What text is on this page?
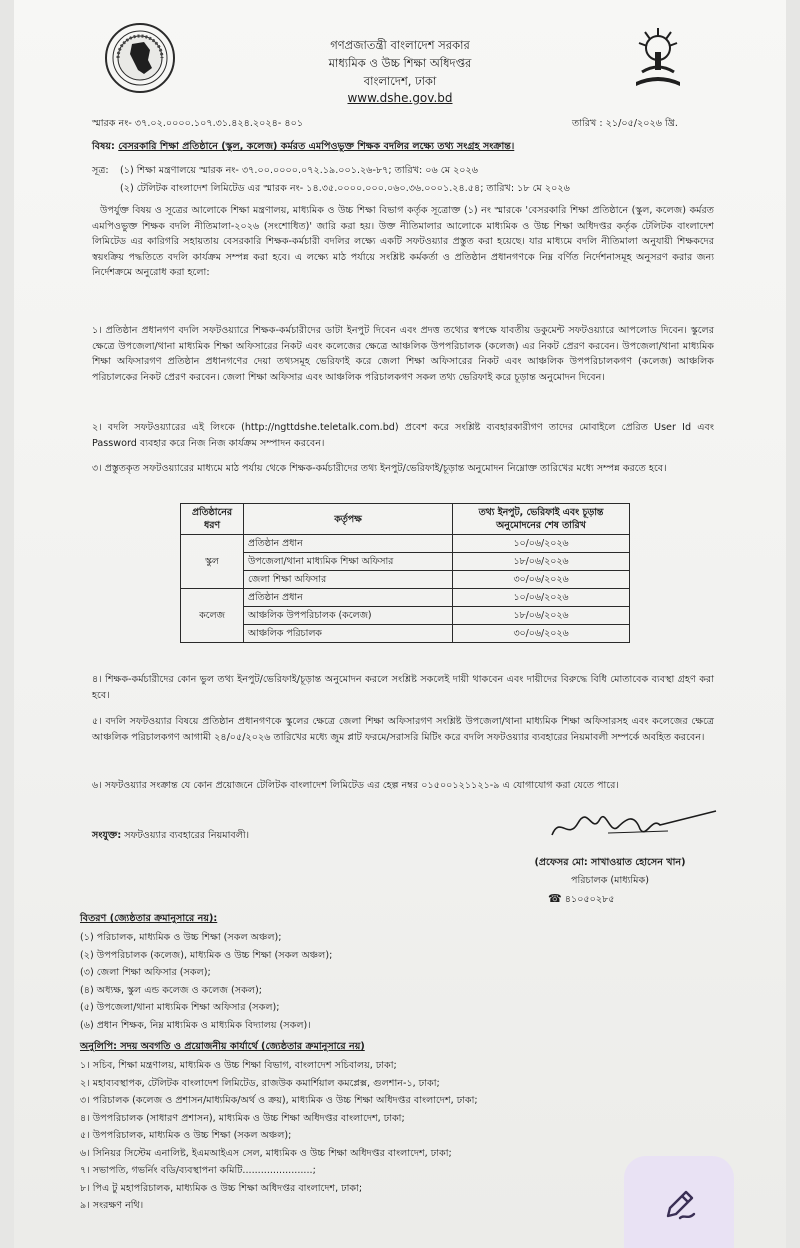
গণপ্রজাতন্ত্রী বাংলাদেশ সরকার
মাধ্যমিক ও উচ্চ শিক্ষা অধিদপ্তর
বাংলাদেশ, ঢাকা
www.dshe.gov.bd
স্মারক নং- ৩৭.০২.০০০০.১০৭.৩১.৪২৪.২০২৪- ৪০১	তারিখ : ২১/০৫/২০২৬ খ্রি.
বিষয়: বেসরকারি শিক্ষা প্রতিষ্ঠানে (স্কুল, কলেজ) কর্মরত এমপিওভুক্ত শিক্ষক বদলির লক্ষ্যে তথ্য সংগ্রহ সংক্রান্ত।
সূত্র: (১) শিক্ষা মন্ত্রণালয়ে স্মারক নং- ৩৭.০০.০০০০.০৭২.১৯.০০১.২৬-৮৭; তারিখ: ০৬ মে ২০২৬
(২) টেলিটক বাংলাদেশ লিমিটেড এর স্মারক নং- ১৪.৩৫.০০০০.০০০.০৬০.৩৬.০০০১.২৪.৫৪; তারিখ: ১৮ মে ২০২৬
উপর্যুক্ত বিষয় ও সূত্রের আলোকে শিক্ষা মন্ত্রণালয়, মাধ্যমিক ও উচ্চ শিক্ষা বিভাগ কর্তৃক সূত্রোক্ত (১) নং স্মারকে 'বেসরকারি শিক্ষা প্রতিষ্ঠানে (স্কুল, কলেজ) কর্মরত এমপিওভুক্ত শিক্ষক বদলি নীতিমালা-২০২৬ (সংশোধিত)' জারি করা হয়। উক্ত নীতিমালার আলোকে মাধ্যমিক ও উচ্চ শিক্ষা অধিদপ্তর কর্তৃক টেলিটক বাংলাদেশ লিমিটেড এর কারিগরি সহায়তায় বেসরকারি শিক্ষক-কর্মচারী বদলির লক্ষ্যে একটি সফটওয়্যার প্রস্তুত করা হয়েছে। যার মাধ্যমে বদলি নীতিমালা অনুযায়ী শিক্ষকদের স্বয়ংক্রিয় পদ্ধতিতে বদলি কার্যক্রম সম্পন্ন করা হবে। এ লক্ষ্যে মাঠ পর্যায়ে সংশ্লিষ্ট কর্মকর্তা ও প্রতিষ্ঠান প্রধানগণকে নিম্ন বর্ণিত নির্দেশনাসমূহ অনুসরণ করার জন্য নির্দেশক্রমে অনুরোধ করা হলো:
১। প্রতিষ্ঠান প্রধানগণ বদলি সফটওয়্যারে শিক্ষক-কর্মচারীদের ডাটা ইনপুট দিবেন এবং প্রদত্ত তথ্যের স্বপক্ষে যাবতীয় ডকুমেন্ট সফটওয়্যারে আপলোড দিবেন। স্কুলের ক্ষেত্রে উপজেলা/থানা মাধ্যমিক শিক্ষা অফিসারের নিকট এবং কলেজের ক্ষেত্রে আঞ্চলিক উপপরিচালক (কলেজ) এর নিকট প্রেরণ করবেন। উপজেলা/থানা মাধ্যমিক শিক্ষা অফিসারগণ প্রতিষ্ঠান প্রধানগণের দেয়া তথ্যসমূহ ভেরিফাই করে জেলা শিক্ষা অফিসারের নিকট এবং আঞ্চলিক উপপরিচালকগণ (কলেজ) আঞ্চলিক পরিচালকের নিকট প্রেরণ করবেন। জেলা শিক্ষা অফিসার এবং আঞ্চলিক পরিচালকগণ সকল তথ্য ভেরিফাই করে চূড়ান্ত অনুমোদন দিবেন।
২। বদলি সফটওয়্যারের এই লিংকে (http://ngttdshe.teletalk.com.bd) প্রবেশ করে সংশ্লিষ্ট ব্যবহারকারীগণ তাদের মোবাইলে প্রেরিত User Id এবং Password ব্যবহার করে নিজ নিজ কার্যক্রম সম্পাদন করবেন।
৩। প্রস্তুতকৃত সফটওয়্যারের মাধ্যমে মাঠ পর্যায় থেকে শিক্ষক-কর্মচারীদের তথ্য ইনপুট/ভেরিফাই/চূড়ান্ত অনুমোদন নিম্নোক্ত তারিখের মধ্যে সম্পন্ন করতে হবে।
প্রতিষ্ঠানের ধরণ	কর্তৃপক্ষ	তথ্য ইনপুট, ভেরিফাই এবং চূড়ান্ত অনুমোদনের শেষ তারিখ
স্কুল	প্রতিষ্ঠান প্রধান	১০/০৬/২০২৬
	উপজেলা/থানা মাধ্যমিক শিক্ষা অফিসার	১৮/০৬/২০২৬
	জেলা শিক্ষা অফিসার	৩০/০৬/২০২৬
কলেজ	প্রতিষ্ঠান প্রধান	১০/০৬/২০২৬
	আঞ্চলিক উপপরিচালক (কলেজ)	১৮/০৬/২০২৬
	আঞ্চলিক পরিচালক	৩০/০৬/২০২৬
৪। শিক্ষক-কর্মচারীদের কোন ভুল তথ্য ইনপুট/ভেরিফাই/চূড়ান্ত অনুমোদন করলে সংশ্লিষ্ট সকলেই দায়ী থাকবেন এবং দায়ীদের বিরুদ্ধে বিধি মোতাবেক ব্যবস্থা গ্রহণ করা হবে।
৫। বদলি সফটওয়্যার বিষয়ে প্রতিষ্ঠান প্রধানগণকে স্কুলের ক্ষেত্রে জেলা শিক্ষা অফিসারগণ সংশ্লিষ্ট উপজেলা/থানা মাধ্যমিক শিক্ষা অফিসারসহ এবং কলেজের ক্ষেত্রে আঞ্চলিক পরিচালকগণ আগামী ২৪/০৫/২০২৬ তারিখের মধ্যে জুম প্লাট ফরমে/সরাসরি মিটিং করে বদলি সফটওয়্যার ব্যবহারের নিয়মাবলী সম্পর্কে অবহিত করবেন।
৬। সফটওয়্যার সংক্রান্ত যে কোন প্রয়োজনে টেলিটক বাংলাদেশ লিমিটেড এর হেল্প নম্বর ০১৫০০১২১১২১-৯ এ যোগাযোগ করা যেতে পারে।
সংযুক্ত: সফটওয়্যার ব্যবহারের নিয়মাবলী।
(প্রফেসর মো: সাখাওয়াত হোসেন খান)
পরিচালক (মাধ্যমিক)
☎ ৪১০৫০২৮৫
বিতরণ (জ্যেষ্ঠতার ক্রমানুসারে নয়):
(১) পরিচালক, মাধ্যমিক ও উচ্চ শিক্ষা (সকল অঞ্চল);
(২) উপপরিচালক (কলেজ), মাধ্যমিক ও উচ্চ শিক্ষা (সকল অঞ্চল);
(৩) জেলা শিক্ষা অফিসার (সকল);
(৪) অধ্যক্ষ, স্কুল এন্ড কলেজ ও কলেজ (সকল);
(৫) উপজেলা/থানা মাধ্যমিক শিক্ষা অফিসার (সকল);
(৬) প্রধান শিক্ষক, নিম্ন মাধ্যমিক ও মাধ্যমিক বিদ্যালয় (সকল)।
অনুলিপি: সদয় অবগতি ও প্রয়োজনীয় কার্যার্থে (জ্যেষ্ঠতার ক্রমানুসারে নয়)
১। সচিব, শিক্ষা মন্ত্রণালয়, মাধ্যমিক ও উচ্চ শিক্ষা বিভাগ, বাংলাদেশ সচিবালয়, ঢাকা;
২। মহাব্যবস্থাপক, টেলিটক বাংলাদেশ লিমিটেড, রাজউক কমার্শিয়াল কমপ্লেক্স, গুলশান-১, ঢাকা;
৩। পরিচালক (কলেজ ও প্রশাসন/মাধ্যমিক/অর্থ ও ক্রয়), মাধ্যমিক ও উচ্চ শিক্ষা অধিদপ্তর বাংলাদেশ, ঢাকা;
৪। উপপরিচালক (সাধারণ প্রশাসন), মাধ্যমিক ও উচ্চ শিক্ষা অধিদপ্তর বাংলাদেশ, ঢাকা;
৫। উপপরিচালক, মাধ্যমিক ও উচ্চ শিক্ষা (সকল অঞ্চল);
৬। সিনিয়র সিস্টেম এনালিষ্ট, ইএমআইএস সেল, মাধ্যমিক ও উচ্চ শিক্ষা অধিদপ্তর বাংলাদেশ, ঢাকা;
৭। সভাপতি, গভর্নিং বডি/ব্যবস্থাপনা কমিটি.......................;
৮। পিএ টু মহাপরিচালক, মাধ্যমিক ও উচ্চ শিক্ষা অধিদপ্তর বাংলাদেশ, ঢাকা;
৯। সংরক্ষণ নথি।
